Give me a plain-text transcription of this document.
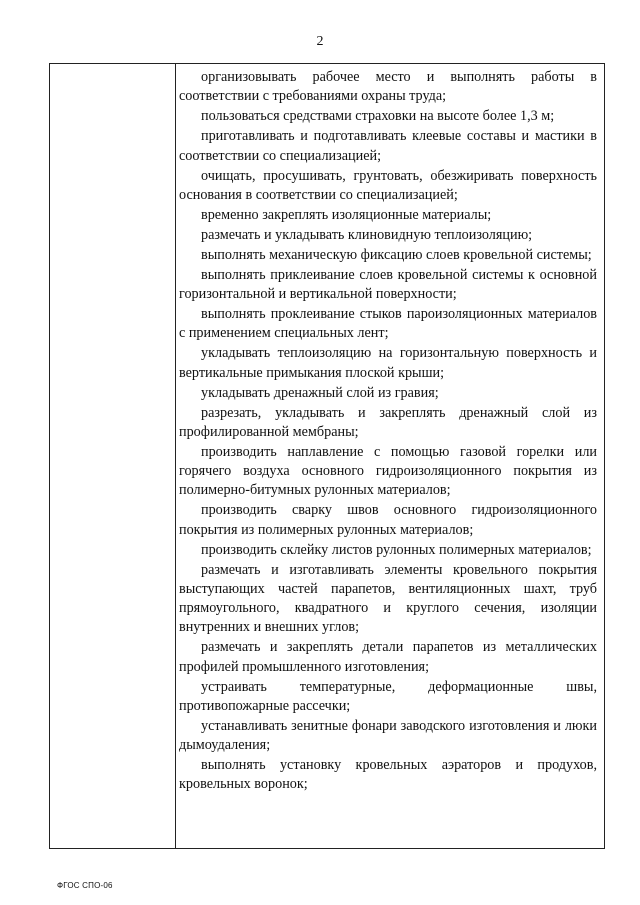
2

организовывать рабочее место и выполнять работы в соответствии с требованиями охраны труда;

пользоваться средствами страховки на высоте более 1,3 м;

приготавливать и подготавливать клеевые составы и мастики в соответствии со специализацией;

очищать, просушивать, грунтовать, обезжиривать поверхность основания в соответствии со специализацией;

временно закреплять изоляционные материалы;

размечать и укладывать клиновидную теплоизоляцию;

выполнять механическую фиксацию слоев кровельной системы;

выполнять приклеивание слоев кровельной системы к основной горизонтальной и вертикальной поверхности;

выполнять проклеивание стыков пароизоляционных материалов с применением специальных лент;

укладывать теплоизоляцию на горизонтальную поверхность и вертикальные примыкания плоской крыши;

укладывать дренажный слой из гравия;

разрезать, укладывать и закреплять дренажный слой из профилированной мембраны;

производить наплавление с помощью газовой горелки или горячего воздуха основного гидроизоляционного покрытия из полимерно-битумных рулонных материалов;

производить сварку швов основного гидроизоляционного покрытия из полимерных рулонных материалов;

производить склейку листов рулонных полимерных материалов;

размечать и изготавливать элементы кровельного покрытия выступающих частей парапетов, вентиляционных шахт, труб прямоугольного, квадратного и круглого сечения, изоляции внутренних и внешних углов;

размечать и закреплять детали парапетов из металлических профилей промышленного изготовления;

устраивать температурные, деформационные швы, противопожарные рассечки;

устанавливать зенитные фонари заводского изготовления и люки дымоудаления;

выполнять установку кровельных аэраторов и продухов, кровельных воронок;

ФГОС СПО-06
